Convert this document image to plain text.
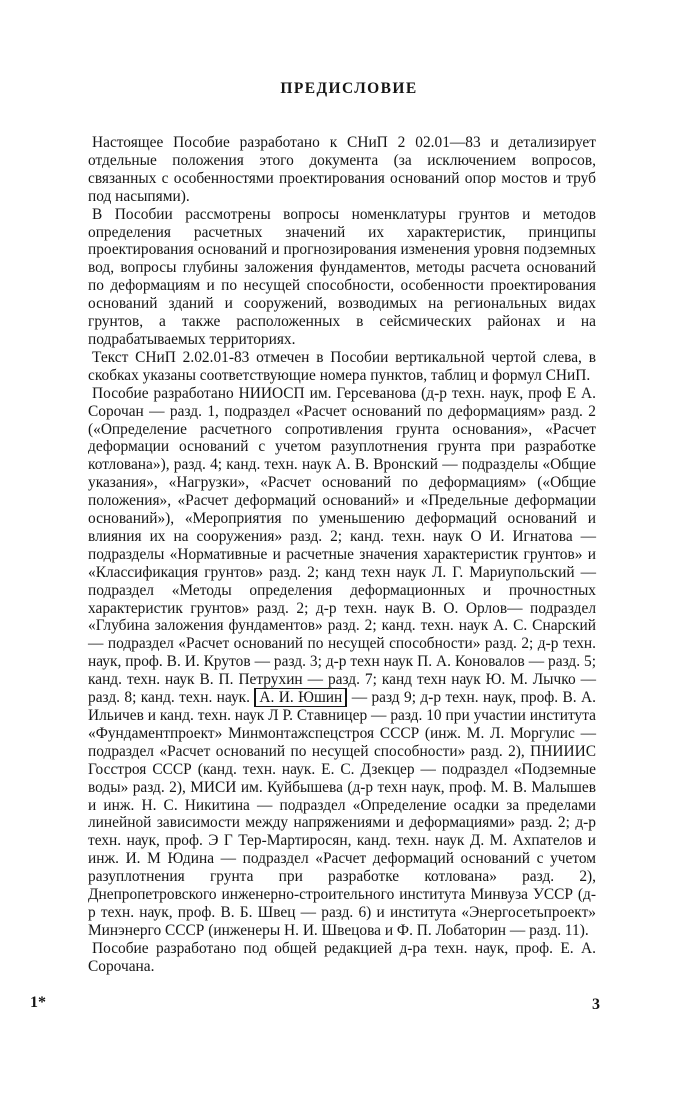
ПРЕДИСЛОВИЕ

Настоящее Пособие разработано к СНиП 2 02.01—83 и детализирует отдельные положения этого документа (за исключением вопросов, связанных с особенностями проектирования оснований опор мостов и труб под насыпями).

В Пособии рассмотрены вопросы номенклатуры грунтов и методов определения расчетных значений их характеристик, принципы проектирования оснований и прогнозирования изменения уровня подземных вод, вопросы глубины заложения фундаментов, методы расчета оснований по деформациям и по несущей способности, особенности проектирования оснований зданий и сооружений, возводимых на региональных видах грунтов, а также расположенных в сейсмических районах и на подрабатываемых территориях.

Текст СНиП 2.02.01-83 отмечен в Пособии вертикальной чертой слева, в скобках указаны соответствующие номера пунктов, таблиц и формул СНиП.

Пособие разработано НИИОСП им. Герсеванова (д-р техн. наук, проф Е А. Сорочан — разд. 1, подраздел «Расчет оснований по деформациям» разд. 2 («Определение расчетного сопротивления грунта основания», «Расчет деформации оснований с учетом разуплотнения грунта при разработке котлована»), разд. 4; канд. техн. наук А. В. Вронский — подразделы «Общие указания», «Нагрузки», «Расчет оснований по деформациям» («Общие положения», «Расчет деформаций оснований» и «Предельные деформации оснований»), «Мероприятия по уменьшению деформаций оснований и влияния их на сооружения» разд. 2; канд. техн. наук О И. Игнатова — подразделы «Нормативные и расчетные значения характеристик грунтов» и «Классификация грунтов» разд. 2; канд техн наук Л. Г. Мариупольский — подраздел «Методы определения деформационных и прочностных характеристик грунтов» разд. 2; д-р техн. наук В. О. Орлов— подраздел «Глубина заложения фундаментов» разд. 2; канд. техн. наук А. С. Снарский — подраздел «Расчет оснований по несущей способности» разд. 2; д-р техн. наук, проф. В. И. Крутов — разд. 3; д-р техн наук П. А. Коновалов — разд. 5; канд. техн. наук В. П. Петрухин — разд. 7; канд техн наук Ю. М. Лычко — разд. 8; канд. техн. наук. А. И. Юшин — разд 9; д-р техн. наук, проф. В. А. Ильичев и канд. техн. наук Л Р. Ставницер — разд. 10 при участии института «Фундаментпроект» Минмонтажспецстроя СССР (инж. М. Л. Моргулис — подраздел «Расчет оснований по несущей способности» разд. 2), ПНИИИС Госстроя СССР (канд. техн. наук. Е. С. Дзекцер — подраздел «Подземные воды» разд. 2), МИСИ им. Куйбышева (д-р техн наук, проф. М. В. Малышев и инж. Н. С. Никитина — подраздел «Определение осадки за пределами линейной зависимости между напряжениями и деформациями» разд. 2; д-р техн. наук, проф. Э Г Тер-Мартиросян, канд. техн. наук Д. М. Ахпателов и инж. И. М Юдина — подраздел «Расчет деформаций оснований с учетом разуплотнения грунта при разработке котлована» разд. 2), Днепропетровского инженерно-строительного института Минвуза УССР (д-р техн. наук, проф. В. Б. Швец — разд. 6) и института «Энергосетьпроект» Минэнерго СССР (инженеры Н. И. Швецова и Ф. П. Лобаторин — разд. 11).

Пособие разработано под общей редакцией д-ра техн. наук, проф. Е. А. Сорочана.

1*	3
